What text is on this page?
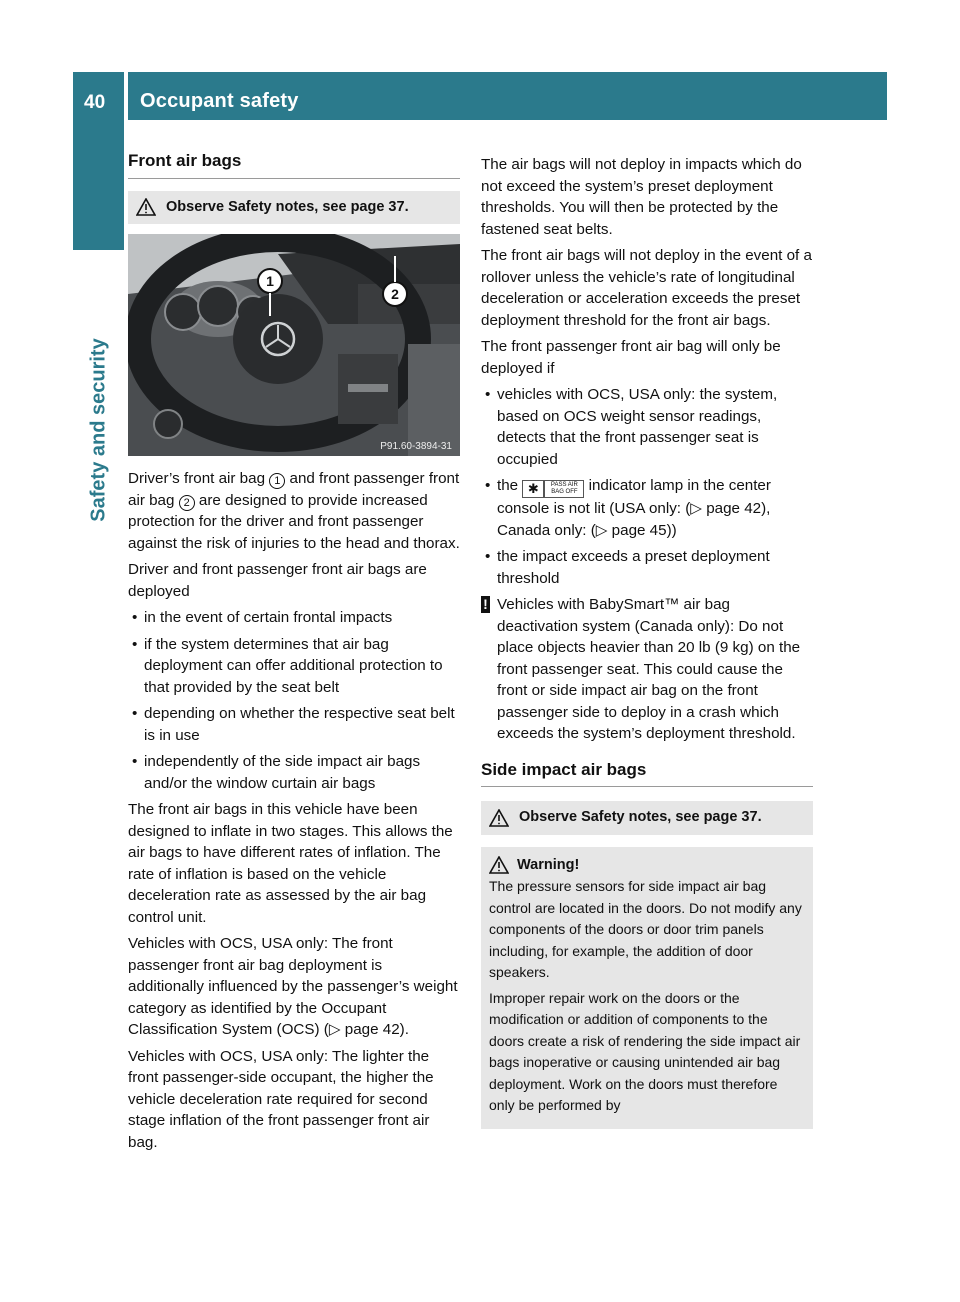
40 Occupant safety
Safety and security
Front air bags
Observe Safety notes, see page 37.
1
2
P91.60-3894-31

Driver’s front air bag 1 and front passenger front air bag 2 are designed to provide increased protection for the driver and front passenger against the risk of injuries to the head and thorax.

Driver and front passenger front air bags are deployed

• in the event of certain frontal impacts
• if the system determines that air bag deployment can offer additional protection to that provided by the seat belt
• depending on whether the respective seat belt is in use
• independently of the side impact air bags and/or the window curtain air bags

The front air bags in this vehicle have been designed to inflate in two stages. This allows the air bags to have different rates of inflation. The rate of inflation is based on the vehicle deceleration rate as assessed by the air bag control unit.

Vehicles with OCS, USA only: The front passenger front air bag deployment is additionally influenced by the passenger’s weight category as identified by the Occupant Classification System (OCS) (▷ page 42).

Vehicles with OCS, USA only: The lighter the front passenger-side occupant, the higher the vehicle deceleration rate required for second stage inflation of the front passenger front air bag.

The air bags will not deploy in impacts which do not exceed the system’s preset deployment thresholds. You will then be protected by the fastened seat belts.

The front air bags will not deploy in the event of a rollover unless the vehicle’s rate of longitudinal deceleration or acceleration exceeds the preset deployment threshold for the front air bags.

The front passenger front air bag will only be deployed if

• vehicles with OCS, USA only: the system, based on OCS weight sensor readings, detects that the front passenger seat is occupied
• the ✱ PASS AIR BAG OFF indicator lamp in the center console is not lit (USA only: (▷ page 42), Canada only: (▷ page 45))
• the impact exceeds a preset deployment threshold
! Vehicles with BabySmart™ air bag deactivation system (Canada only): Do not place objects heavier than 20 lb (9 kg) on the front passenger seat. This could cause the front or side impact air bag on the front passenger side to deploy in a crash which exceeds the system’s deployment threshold.
Side impact air bags
Observe Safety notes, see page 37.
Warning!

The pressure sensors for side impact air bag control are located in the doors. Do not modify any components of the doors or door trim panels including, for example, the addition of door speakers.

Improper repair work on the doors or the modification or addition of components to the doors create a risk of rendering the side impact air bags inoperative or causing unintended air bag deployment. Work on the doors must therefore only be performed by
